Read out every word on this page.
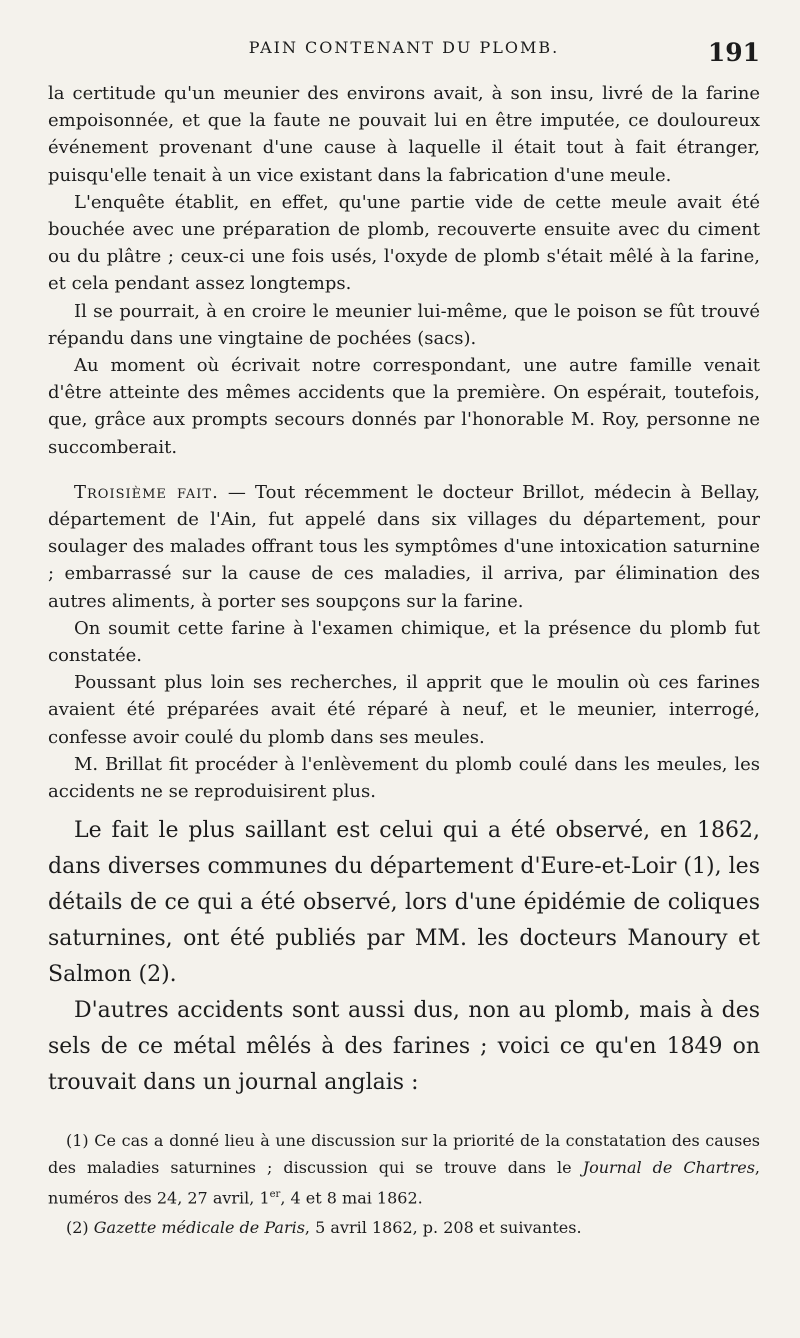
PAIN CONTENANT DU PLOMB.	191

la certitude qu'un meunier des environs avait, à son insu, livré de la farine empoisonnée, et que la faute ne pouvait lui en être imputée, ce douloureux événement provenant d'une cause à laquelle il était tout à fait étranger, puisqu'elle tenait à un vice existant dans la fabrication d'une meule.

L'enquête établit, en effet, qu'une partie vide de cette meule avait été bouchée avec une préparation de plomb, recouverte ensuite avec du ciment ou du plâtre ; ceux-ci une fois usés, l'oxyde de plomb s'était mêlé à la farine, et cela pendant assez longtemps.

Il se pourrait, à en croire le meunier lui-même, que le poison se fût trouvé répandu dans une vingtaine de pochées (sacs).

Au moment où écrivait notre correspondant, une autre famille venait d'être atteinte des mêmes accidents que la première. On espérait, toutefois, que, grâce aux prompts secours donnés par l'honorable M. Roy, personne ne succomberait.

Troisième fait. — Tout récemment le docteur Brillot, médecin à Bellay, département de l'Ain, fut appelé dans six villages du département, pour soulager des malades offrant tous les symptômes d'une intoxication saturnine ; embarrassé sur la cause de ces maladies, il arriva, par élimination des autres aliments, à porter ses soupçons sur la farine.

On soumit cette farine à l'examen chimique, et la présence du plomb fut constatée.

Poussant plus loin ses recherches, il apprit que le moulin où ces farines avaient été préparées avait été réparé à neuf, et le meunier, interrogé, confesse avoir coulé du plomb dans ses meules.

M. Brillat fit procéder à l'enlèvement du plomb coulé dans les meules, les accidents ne se reproduisirent plus.

Le fait le plus saillant est celui qui a été observé, en 1862, dans diverses communes du département d'Eure-et-Loir (1), les détails de ce qui a été observé, lors d'une épidémie de coliques saturnines, ont été publiés par MM. les docteurs Manoury et Salmon (2).

D'autres accidents sont aussi dus, non au plomb, mais à des sels de ce métal mêlés à des farines ; voici ce qu'en 1849 on trouvait dans un journal anglais :

(1) Ce cas a donné lieu à une discussion sur la priorité de la constatation des causes des maladies saturnines ; discussion qui se trouve dans le Journal de Chartres, numéros des 24, 27 avril, 1er, 4 et 8 mai 1862.

(2) Gazette médicale de Paris, 5 avril 1862, p. 208 et suivantes.
